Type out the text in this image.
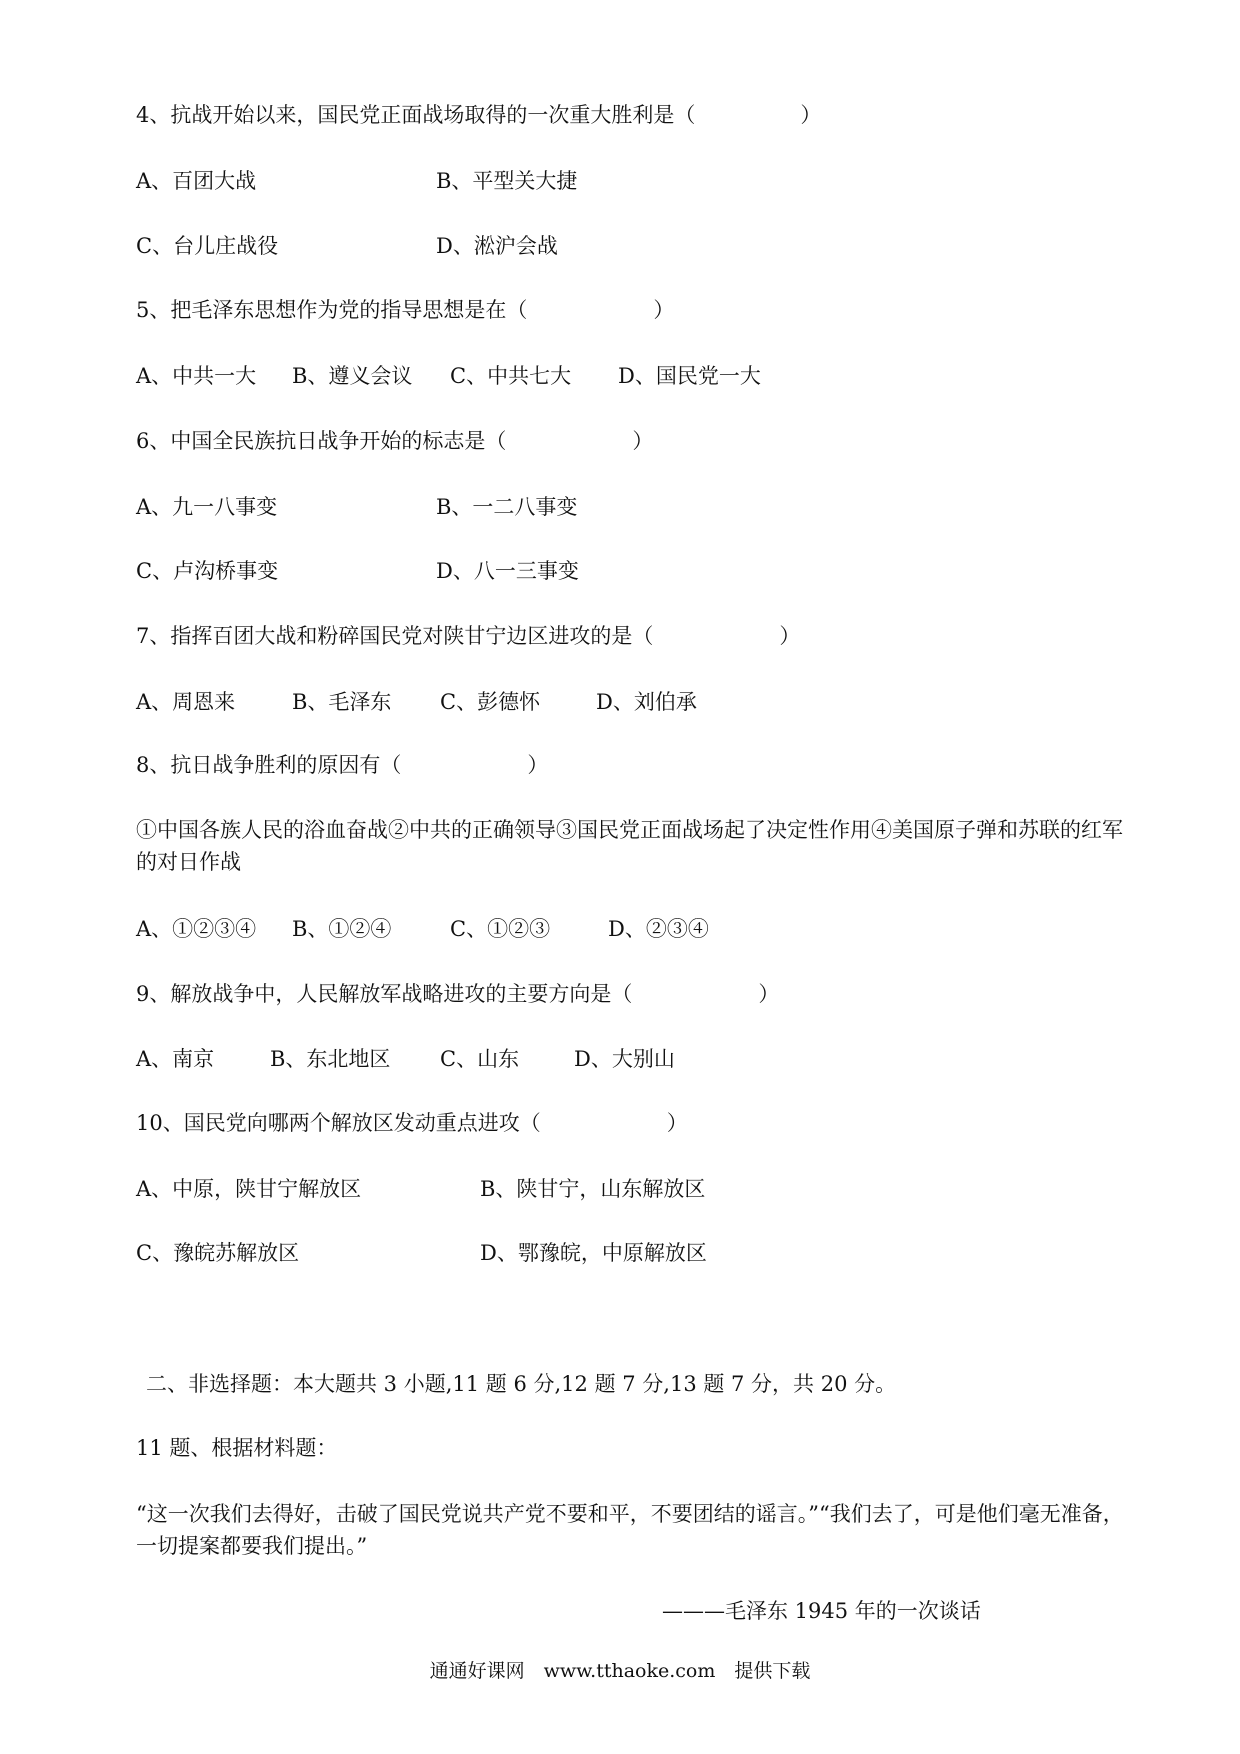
4、抗战开始以来，国民党正面战场取得的一次重大胜利是（　　　　　）
A、百团大战	B、平型关大捷
C、台儿庄战役	D、淞沪会战
5、把毛泽东思想作为党的指导思想是在（　　　　　　）
A、中共一大 B、遵义会议 C、中共七大 D、国民党一大
6、中国全民族抗日战争开始的标志是（　　　　　　）
A、九一八事变	B、一二八事变
C、卢沟桥事变	D、八一三事变
7、指挥百团大战和粉碎国民党对陕甘宁边区进攻的是（　　　　　　）
A、周恩来	B、毛泽东 C、彭德怀	D、刘伯承
8、抗日战争胜利的原因有（　　　　　　）
①中国各族人民的浴血奋战②中共的正确领导③国民党正面战场起了决定性作用④美国原子弹和苏联的红军的对日作战
A、①②③④ B、①②④	C、①②③	D、②③④
9、解放战争中，人民解放军战略进攻的主要方向是（　　　　　　）
A、南京	B、东北地区 C、山东	D、大别山
10、国民党向哪两个解放区发动重点进攻（　　　　　　）
A、中原，陕甘宁解放区	B、陕甘宁，山东解放区
C、豫皖苏解放区	D、鄂豫皖，中原解放区
二、非选择题：本大题共 3 小题,11 题 6 分,12 题 7 分,13 题 7 分，共 20 分。
11 题、根据材料题：
“这一次我们去得好，击破了国民党说共产党不要和平，不要团结的谣言。”“我们去了，可是他们毫无准备，一切提案都要我们提出。”
———毛泽东 1945 年的一次谈话
通通好课网　www.tthaoke.com　提供下载
